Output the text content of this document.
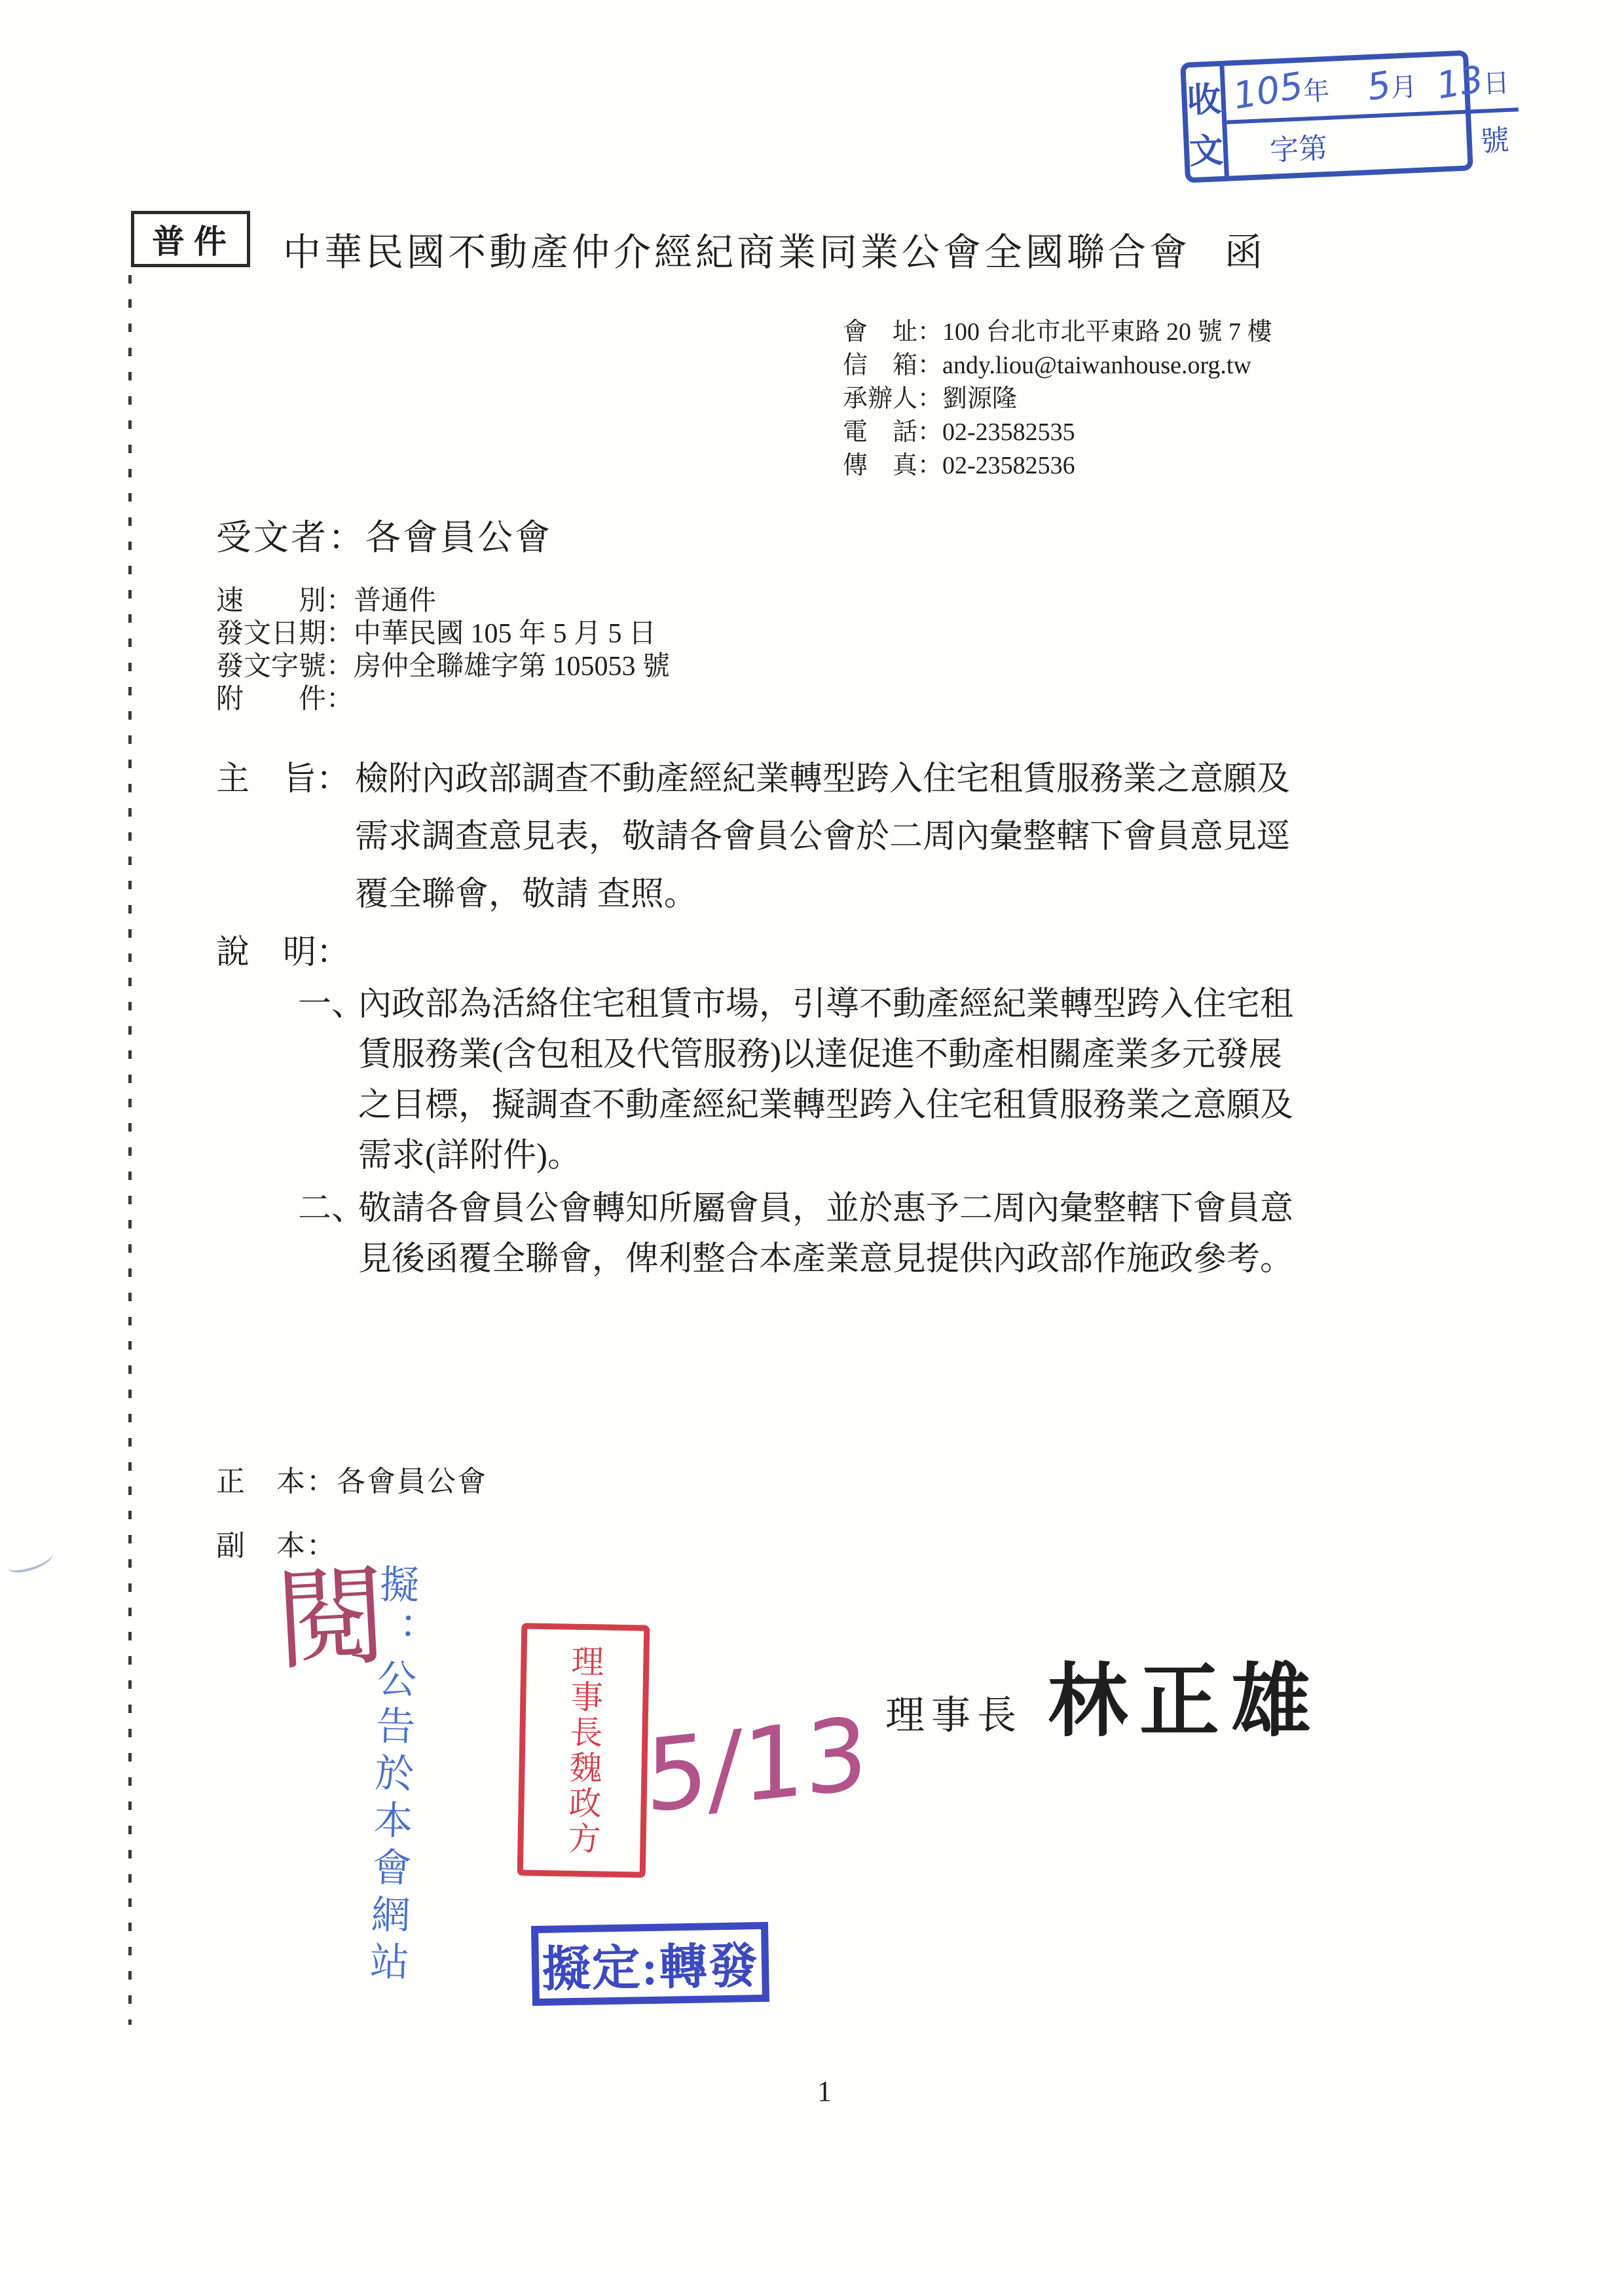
收
文
105
年 5
月 13
日
字第	號
普件	中華民國不動產仲介經紀商業同業公會全國聯合會 函
會　址：100 台北市北平東路 20 號 7 樓
信　箱：andy.liou@taiwanhouse.org.tw
承辦人：劉源隆
電　話：02-23582535
傳　真：02-23582536
受文者：各會員公會
速　　別：普通件
發文日期：中華民國 105 年 5 月 5 日
發文字號：房仲全聯雄字第 105053 號
附　　件：
主　旨： 檢附內政部調查不動產經紀業轉型跨入住宅租賃服務業之意願及
需求調查意見表，敬請各會員公會於二周內彙整轄下會員意見逕
覆全聯會，敬請 查照。
說　明：
一、
內政部為活絡住宅租賃市場，引導不動產經紀業轉型跨入住宅租
賃服務業(含包租及代管服務)以達促進不動產相關產業多元發展
之目標，擬調查不動產經紀業轉型跨入住宅租賃服務業之意願及
需求(詳附件)。
二、
敬請各會員公會轉知所屬會員，並於惠予二周內彙整轄下會員意
見後函覆全聯會，俾利整合本產業意見提供內政部作施政參考。
正　本：各會員公會
副　本：
閱
擬：公告於本會網站	理事長魏政方 5/13
擬定:轉發
理事長 林正雄
1
